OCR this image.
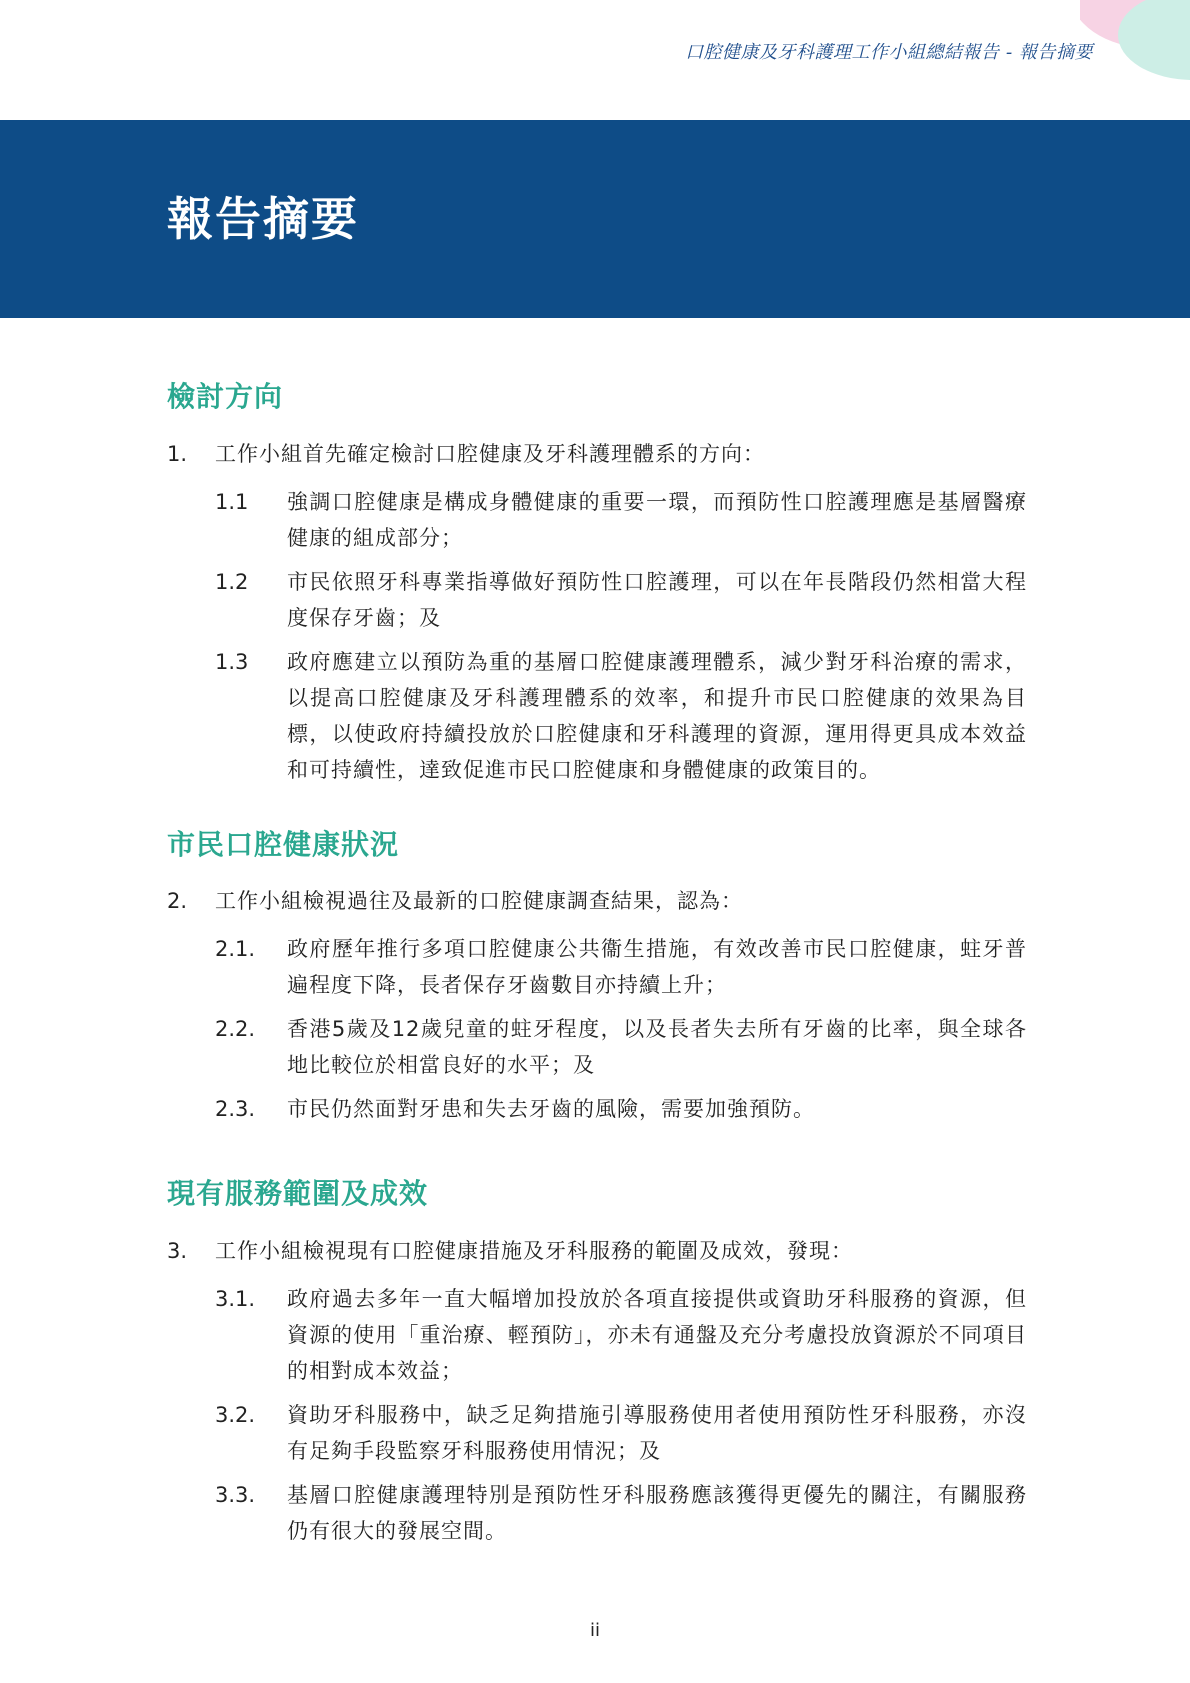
口腔健康及牙科護理工作小組總結報告 - 報告摘要
報告摘要
檢討方向
1.	工作小組首先確定檢討口腔健康及牙科護理體系的方向：
1.1	強調口腔健康是構成身體健康的重要一環，而預防性口腔護理應是基層醫療健康的組成部分；
1.2	市民依照牙科專業指導做好預防性口腔護理，可以在年長階段仍然相當大程度保存牙齒；及
1.3	政府應建立以預防為重的基層口腔健康護理體系，減少對牙科治療的需求，以提高口腔健康及牙科護理體系的效率，和提升市民口腔健康的效果為目標，以使政府持續投放於口腔健康和牙科護理的資源，運用得更具成本效益和可持續性，達致促進市民口腔健康和身體健康的政策目的。
市民口腔健康狀況
2.	工作小組檢視過往及最新的口腔健康調查結果，認為：
2.1.	政府歷年推行多項口腔健康公共衞生措施，有效改善市民口腔健康，蛀牙普遍程度下降，長者保存牙齒數目亦持續上升；
2.2.	香港5歲及12歲兒童的蛀牙程度，以及長者失去所有牙齒的比率，與全球各地比較位於相當良好的水平；及
2.3.	市民仍然面對牙患和失去牙齒的風險，需要加強預防。
現有服務範圍及成效
3.	工作小組檢視現有口腔健康措施及牙科服務的範圍及成效，發現：
3.1.	政府過去多年一直大幅增加投放於各項直接提供或資助牙科服務的資源，但資源的使用「重治療、輕預防」，亦未有通盤及充分考慮投放資源於不同項目的相對成本效益；
3.2.	資助牙科服務中，缺乏足夠措施引導服務使用者使用預防性牙科服務，亦沒有足夠手段監察牙科服務使用情況；及
3.3.	基層口腔健康護理特別是預防性牙科服務應該獲得更優先的關注，有關服務仍有很大的發展空間。
ii
